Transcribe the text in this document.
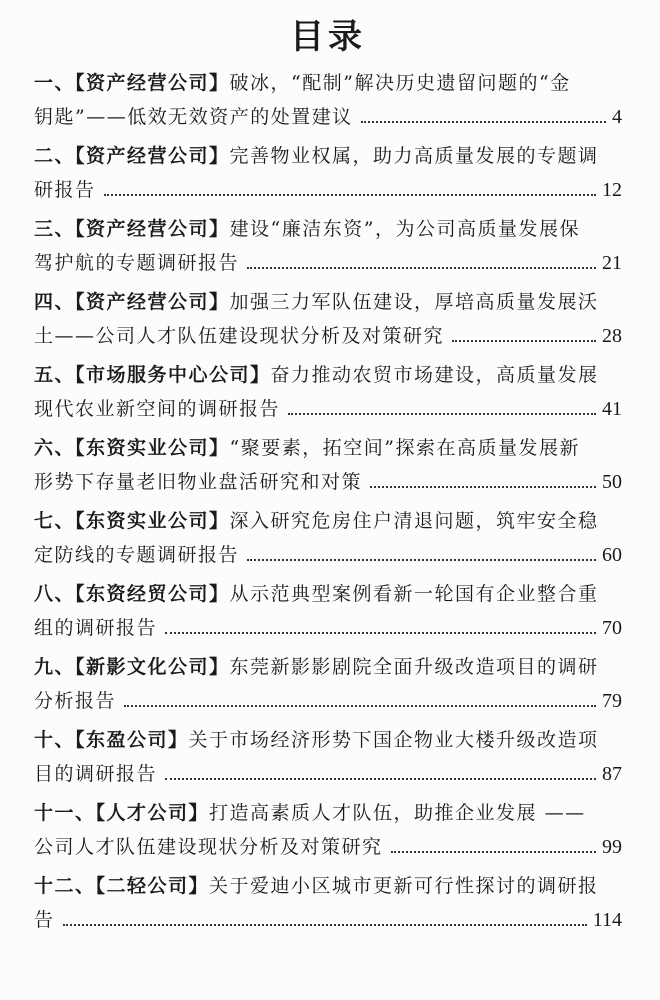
目录
一、【资产经营公司】破冰，“配制”解决历史遗留问题的“金
钥匙”——低效无效资产的处置建议	4
二、【资产经营公司】完善物业权属，助力高质量发展的专题调
研报告	12
三、【资产经营公司】建设“廉洁东资”，为公司高质量发展保
驾护航的专题调研报告	21
四、【资产经营公司】加强三力军队伍建设，厚培高质量发展沃
土——公司人才队伍建设现状分析及对策研究	28
五、【市场服务中心公司】奋力推动农贸市场建设，高质量发展
现代农业新空间的调研报告	41
六、【东资实业公司】“聚要素，拓空间”探索在高质量发展新
形势下存量老旧物业盘活研究和对策	50
七、【东资实业公司】深入研究危房住户清退问题，筑牢安全稳
定防线的专题调研报告	60
八、【东资经贸公司】从示范典型案例看新一轮国有企业整合重
组的调研报告	70
九、【新影文化公司】东莞新影影剧院全面升级改造项目的调研
分析报告	79
十、【东盈公司】关于市场经济形势下国企物业大楼升级改造项
目的调研报告	87
十一、【人才公司】打造高素质人才队伍，助推企业发展 ——
公司人才队伍建设现状分析及对策研究	99
十二、【二轻公司】关于爱迪小区城市更新可行性探讨的调研报
告	114
